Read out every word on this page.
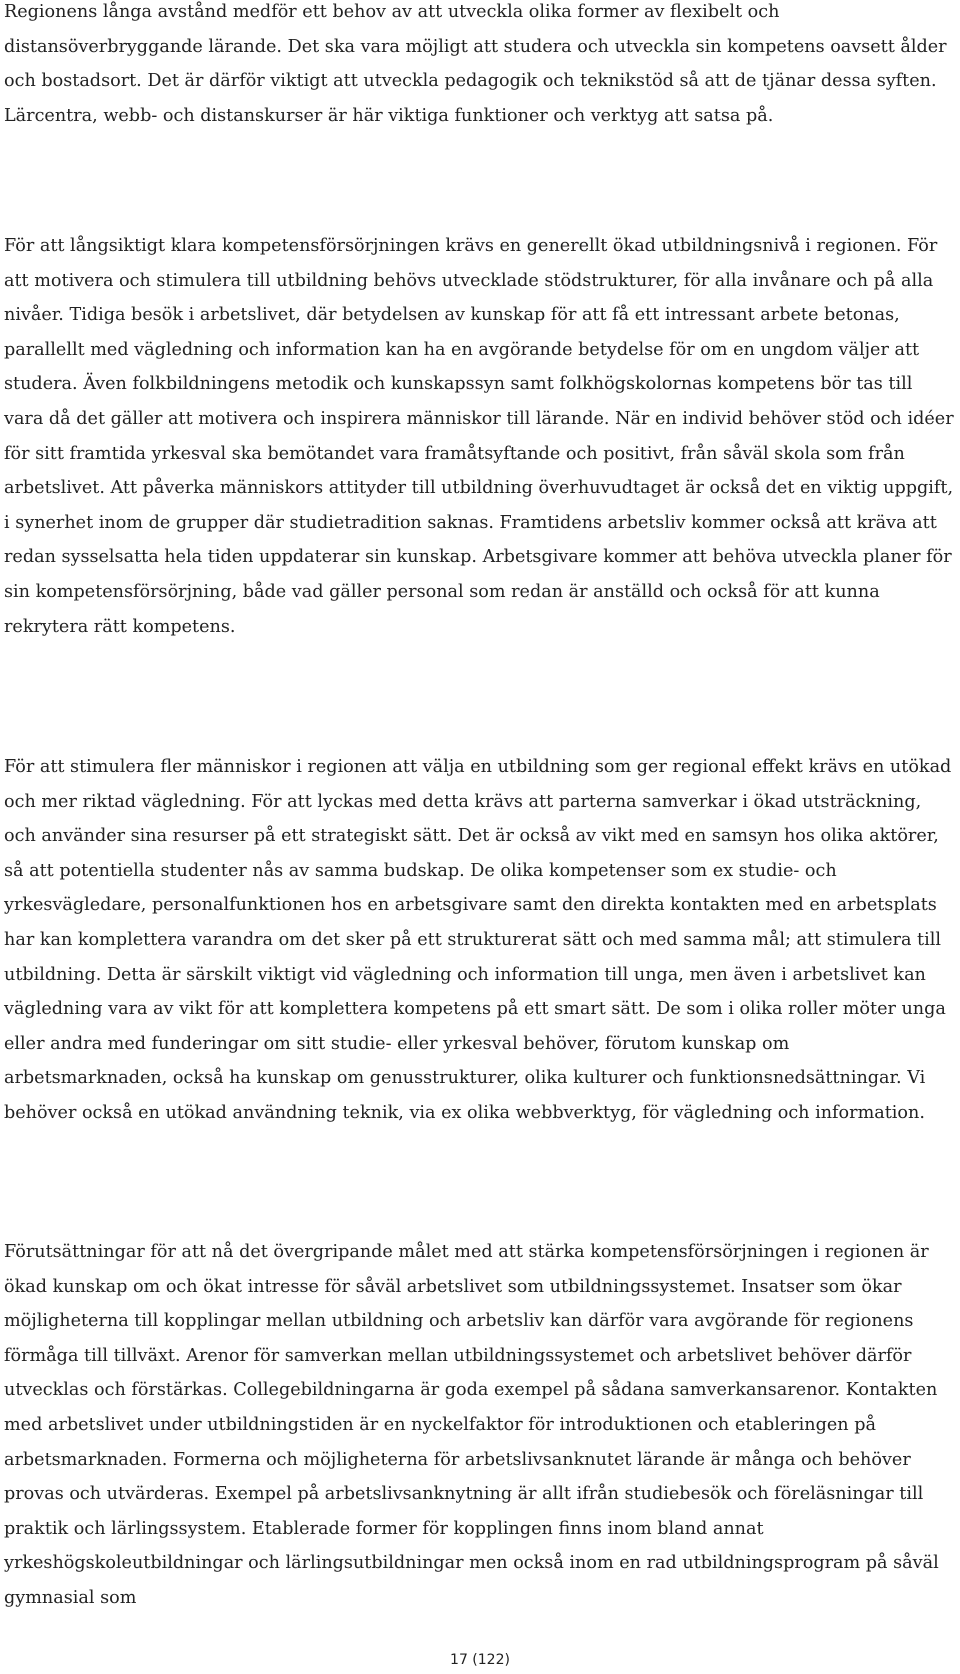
Regionens långa avstånd medför ett behov av att utveckla olika former av flexibelt och distansöverbryggande lärande. Det ska vara möjligt att studera och utveckla sin kompetens oavsett ålder och bostadsort. Det är därför viktigt att utveckla pedagogik och teknikstöd så att de tjänar dessa syften. Lärcentra, webb- och distanskurser är här viktiga funktioner och verktyg att satsa på.

För att långsiktigt klara kompetensförsörjningen krävs en generellt ökad utbildningsnivå i regionen. För att motivera och stimulera till utbildning behövs utvecklade stödstrukturer, för alla invånare och på alla nivåer. Tidiga besök i arbetslivet, där betydelsen av kunskap för att få ett intressant arbete betonas, parallellt med vägledning och information kan ha en avgörande betydelse för om en ungdom väljer att studera. Även folkbildningens metodik och kunskapssyn samt folkhögskolornas kompetens bör tas till vara då det gäller att motivera och inspirera människor till lärande. När en individ behöver stöd och idéer för sitt framtida yrkesval ska bemötandet vara framåtsyftande och positivt, från såväl skola som från arbetslivet. Att påverka människors attityder till utbildning överhuvudtaget är också det en viktig uppgift, i synerhet inom de grupper där studietradition saknas. Framtidens arbetsliv kommer också att kräva att redan sysselsatta hela tiden uppdaterar sin kunskap. Arbetsgivare kommer att behöva utveckla planer för sin kompetensförsörjning, både vad gäller personal som redan är anställd och också för att kunna rekrytera rätt kompetens.

För att stimulera fler människor i regionen att välja en utbildning som ger regional effekt krävs en utökad och mer riktad vägledning. För att lyckas med detta krävs att parterna samverkar i ökad utsträckning, och använder sina resurser på ett strategiskt sätt. Det är också av vikt med en samsyn hos olika aktörer, så att potentiella studenter nås av samma budskap. De olika kompetenser som ex studie- och yrkesvägledare, personalfunktionen hos en arbetsgivare samt den direkta kontakten med en arbetsplats har kan komplettera varandra om det sker på ett strukturerat sätt och med samma mål; att stimulera till utbildning. Detta är särskilt viktigt vid vägledning och information till unga, men även i arbetslivet kan vägledning vara av vikt för att komplettera kompetens på ett smart sätt. De som i olika roller möter unga eller andra med funderingar om sitt studie- eller yrkesval behöver, förutom kunskap om arbetsmarknaden, också ha kunskap om genusstrukturer, olika kulturer och funktionsnedsättningar. Vi behöver också en utökad användning teknik, via ex olika webbverktyg, för vägledning och information.

Förutsättningar för att nå det övergripande målet med att stärka kompetensförsörjningen i regionen är ökad kunskap om och ökat intresse för såväl arbetslivet som utbildningssystemet. Insatser som ökar möjligheterna till kopplingar mellan utbildning och arbetsliv kan därför vara avgörande för regionens förmåga till tillväxt. Arenor för samverkan mellan utbildningssystemet och arbetslivet behöver därför utvecklas och förstärkas. Collegebildningarna är goda exempel på sådana samverkansarenor. Kontakten med arbetslivet under utbildningstiden är en nyckelfaktor för introduktionen och etableringen på arbetsmarknaden. Formerna och möjligheterna för arbetslivsanknutet lärande är många och behöver provas och utvärderas. Exempel på arbetslivsanknytning är allt ifrån studiebesök och föreläsningar till praktik och lärlingssystem. Etablerade former för kopplingen finns inom bland annat yrkeshögskoleutbildningar och lärlingsutbildningar men också inom en rad utbildningsprogram på såväl gymnasial som

17 (122)
